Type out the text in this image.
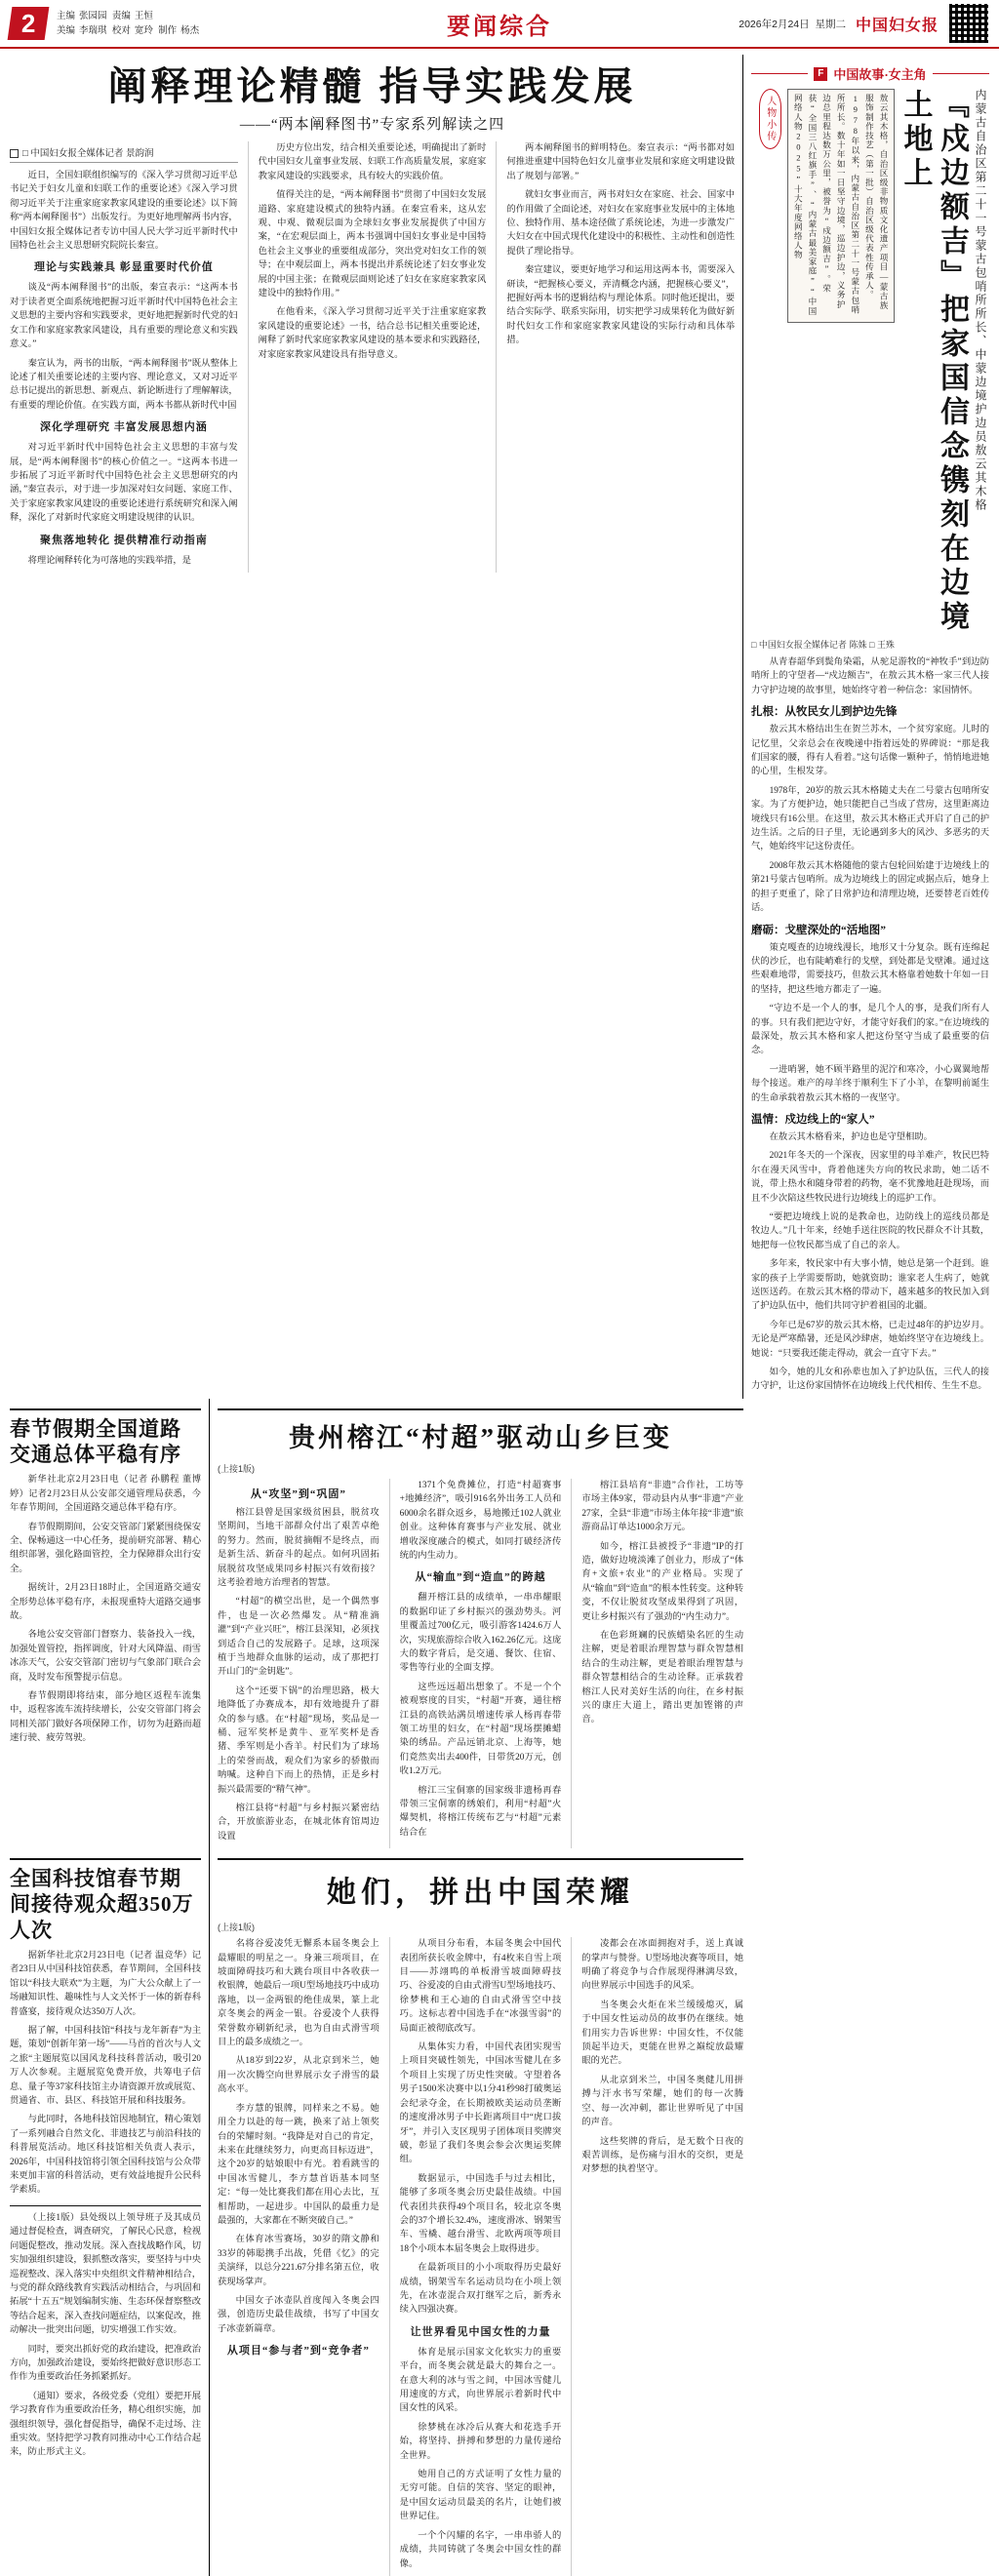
2 主编 张园园 责编 王恒
美编 李瑞琪 校对 宽玲 制作 杨杰	要闻综合	2026年2月24日 星期二 中国妇女报
阐释理论精髓 指导实践发展
——“两本阐释图书”专家系列解读之四
□ 中国妇女报全媒体记者 景韵润

近日，全国妇联组织编写的《深入学习贯彻习近平总书记关于妇女儿童和妇联工作的重要论述》《深入学习贯彻习近平关于注重家庭家教家风建设的重要论述》以下简称“两本阐释图书”）出版发行。为更好地理解两书内容，中国妇女报全媒体记者专访中国人民大学习近平新时代中国特色社会主义思想研究院院长秦宣。

理论与实践兼具 彰显重要时代价值

谈及“两本阐释图书”的出版，秦宣表示：“这两本书对于读者更全面系统地把握习近平新时代中国特色社会主义思想的主要内容和实践要求，更好地把握新时代党的妇女工作和家庭家教家风建设，具有重要的理论意义和实践意义。”

秦宣认为，两书的出版，“两本阐释图书”既从整体上论述了相关重要论述的主要内容、理论意义，又对习近平总书记提出的新思想、新观点、新论断进行了理解解读，有重要的理论价值。在实践方面，两本书都从新时代中国

深化学理研究 丰富发展思想内涵

对习近平新时代中国特色社会主义思想的丰富与发展，是“两本阐释图书”的核心价值之一。“这两本书进一步拓展了习近平新时代中国特色社会主义思想研究的内涵，”秦宣表示，对于进一步加深对妇女问题、家庭工作、关于家庭家教家风建设的重要论述进行系统研究和深入阐释，深化了对新时代家庭文明建设规律的认识。

聚焦落地转化 提供精准行动指南

将理论阐释转化为可落地的实践举措，是

历史方位出发，结合相关重要论述，明确提出了新时代中国妇女儿童事业发展、妇联工作高质量发展，家庭家教家风建设的实践要求，具有较大的实践价值。

值得关注的是，“两本阐释图书”贯彻了中国妇女发展道路、家庭建设模式的独特内涵。在秦宣看来，这从宏观、中观、微观层面为全球妇女事业发展提供了中国方案，“在宏观层面上，两本书强调中国妇女事业是中国特色社会主义事业的重要组成部分，突出党对妇女工作的领导；在中观层面上，两本书提出并系统论述了妇女事业发展的中国主张；在微观层面则论述了妇女在家庭家教家风建设中的独特作用。”

在他看来，《深入学习贯彻习近平关于注重家庭家教家风建设的重要论述》一书，结合总书记相关重要论述，阐释了新时代家庭家教家风建设的基本要求和实践路径，对家庭家教家风建设具有指导意义。

两本阐释图书的鲜明特色。秦宣表示：“两书都对如何推进重建中国特色妇女儿童事业发展和家庭文明建设做出了规划与部署。”

就妇女事业而言，两书对妇女在家庭、社会、国家中的作用做了全面论述，对妇女在家庭事业发展中的主体地位、独特作用、基本途径做了系统论述，为进一步激发广大妇女在中国式现代化建设中的积极性、主动性和创造性提供了理论指导。

秦宣建议，要更好地学习和运用这两本书，需要深入研读，“把握核心要义，弄清概念内涵，把握核心要义”，把握好两本书的逻辑结构与理论体系。同时他还提出，要结合实际学、联系实际用，切实把学习成果转化为做好新时代妇女工作和家庭家教家风建设的实际行动和具体举措。

F 中国故事·女主角
内蒙古自治区第二十一号蒙古包哨所所长、中蒙边境护边员敖云其木格
『戍边额吉』把家国信念镌刻在边境土地上
敖云其木格，自治区级非物质文化遗产项目—蒙古族服饰制作技艺（第一批）自治区级代表性传承人。1978年以来，内蒙古自治区第二十一号蒙古包哨所所长。数十年如一日坚守边境，巡边护边，义务护边总里程达数万公里，被誉为“戍边额吉”。荣获“全国三八红旗手”、“内蒙古最美家庭”“中国网络人物2025”十大年度网络人物
人物小传
□ 中国妇女报全媒体记者 陈姝 □ 王殊

从青春韶华到鬓角染霜，从驼足游牧的“神牧手”到边防哨所上的守望者—“戍边额吉”，在敖云其木格一家三代人接力守护边境的故事里，她始终守着一种信念：家国情怀。

扎根：从牧民女儿到护边先锋

敖云其木格结出生在贺兰苏木，一个贫穷家庭。儿时的记忆里，父亲总会在夜晚递中指着远处的界碑说：“那是我们国家的腰，得有人看着。”这句话像一颗种子，悄悄地进她的心里，生根发芽。

1978年，20岁的敖云其木格随丈夫在二号蒙古包哨所安家。为了方便护边，她只能把自己当成了营房，这里距离边境线只有16公里。在这里，敖云其木格正式开启了自己的护边生活。之后的日子里，无论遇到多大的风沙、多恶劣的天气，她始终牢记这份责任。

2008年敖云其木格随他的蒙古包轮回始建于边境线上的第21号蒙古包哨所。成为边境线上的固定或据点后，她身上的担子更重了，除了日常护边和清理边境，还要替老百姓传话。

磨砺：戈壁深处的“活地图”

策克嘎查的边境线漫长，地形又十分复杂。既有连绵起伏的沙丘，也有陡峭难行的戈壁，到处都是戈壁滩。通过这些艰难地带，需要技巧，但敖云其木格靠着她数十年如一日的坚持，把这些地方都走了一遍。

“守边不是一个人的事，是几个人的事，是我们所有人的事。只有我们把边守好，才能守好我们的家。”在边境线的最深处，敖云其木格和家人把这份坚守当成了最重要的信念。

一进哨署，她不顾半路里的泥泞和寒冷，小心翼翼地帮每个接送。难产的母羊终于顺利生下了小羊，在黎明前诞生的生命承载着敖云其木格的一夜坚守。

温情：戍边线上的“家人”

在敖云其木格看来，护边也是守望相助。

2021年冬天的一个深夜，因家里的母羊难产，牧民巴特尔在漫天风雪中，背着他迷失方向的牧民求助，她二话不说，带上热水和随身带着的药物，毫不犹豫地赶赴现场，而且不少次陪这些牧民进行边境线上的巡护工作。

“要把边境线上说的是教命也，边防线上的巡线员都是牧边人。”几十年来，经她手送往医院的牧民群众不计其数，她把每一位牧民都当成了自己的亲人。

多年来，牧民家中有大事小情，她总是第一个赶到。谁家的孩子上学需要帮助，她就资助；谁家老人生病了，她就送医送药。在敖云其木格的带动下，越来越多的牧民加入到了护边队伍中，他们共同守护着祖国的北疆。

今年已是67岁的敖云其木格，已走过48年的护边岁月。无论是严寒酷暑，还是风沙肆虐，她始终坚守在边境线上。她说：“只要我还能走得动，就会一直守下去。”

如今，她的儿女和孙辈也加入了护边队伍，三代人的接力守护，让这份家国情怀在边境线上代代相传、生生不息。

春节假期全国道路交通总体平稳有序

新华社北京2月23日电（记者 孙鹏程 董博婷）记者2月23日从公安部交通管理局获悉，今年春节期间，全国道路交通总体平稳有序。

春节假期期间，公安交管部门紧紧围绕保安全、保畅通这一中心任务，提前研究部署、精心组织部署，强化路面管控，全力保障群众出行安全。

据统计，2月23日18时止，全国道路交通安全形势总体平稳有序，未报现重特大道路交通事故。

各地公安交管部门督察力、装备投入一线，加强处置管控，指挥调度，针对大风降温、雨雪冰冻天气，公安交管部门密切与气象部门联合会商，及时发布预警提示信息。

春节假期即将结束，部分地区返程车流集中，返程客流车流持续增长，公安交管部门将会同相关部门做好各项保障工作，切勿为赶路而超速行驶、疲劳驾驶。

贵州榕江“村超”驱动山乡巨变
(上接1版)
从“攻坚”到“巩固”

榕江县曾是国家级贫困县，脱贫攻坚期间，当地干部群众付出了艰苦卓绝的努力。然而，脱贫摘帽不是终点，而是新生活、新奋斗的起点。如何巩固拓展脱贫攻坚成果同乡村振兴有效衔接？这考验着地方治理者的智慧。

“村超”的横空出世，是一个偶然事件，也是一次必然爆发。从“精准滴灌”到“产业兴旺”，榕江县深知，必须找到适合自己的发展路子。足球，这项深植于当地群众血脉的运动，成了那把打开山门的“金钥匙”。

这个“还要下锅”的治理思路，极大地降低了办赛成本，却有效地提升了群众的参与感。在“村超”现场，奖品是一桶、冠军奖杯是黄牛、亚军奖杯是香猪、季军则是小香羊。村民们为了球场上的荣誉而战，观众们为家乡的骄傲而呐喊。这种自下而上的热情，正是乡村振兴最需要的“精气神”。

榕江县将“村超”与乡村振兴紧密结合，开放旅游业态，在城北体育馆周边设置

1371个免费摊位，打造“村超赛事+地摊经济”，吸引916名外出务工人员和6000余名群众返乡，易地搬迁102人就业创业。这种体育赛事与产业发展、就业增收深度融合的模式，如同打破经济传统的内生动力。

从“输血”到“造血”的跨越

翻开榕江县的成绩单，一串串耀眼的数据印证了乡村振兴的强劲势头。河里覆盖过700亿元，吸引游客1424.6万人次，实现旅游综合收入162.26亿元。这庞大的数字背后，是交通、餐饮、住宿、零售等行业的全面支撑。

这些远远超出想象了。不是一个个被观察度的目实，“村超”开赛，通往榕江县的高铁站满员增速传承人杨再春带领工坊里的妇女，在“村超”现场摆摊蜡染的绣品。产品远销北京、上海等，她们竟然卖出去400件，日带货20万元，创收1.2万元。

榕江三宝侗寨的国家级非遗杨再春带领三宝侗寨的绣娘们，利用“村超”火爆契机，将榕江传统布艺与“村超”元素结合在

榕江县培育“非遗”合作社，工坊等市场主体9家，带动县内从事“非遗”产业27家，全县“非遗”市场主体年接“非遗”旅游商品订单达1000余万元。

如今，榕江县被授予“非遗”IP的打造，做好边境淡滩了创业力，形成了“体育+文旅+农业”的产业格局。实现了从“输血”到“造血”的根本性转变。这种转变，不仅让脱贫攻坚成果得到了巩固，更让乡村振兴有了强劲的“内生动力”。

在色彩斑斓的民族蜡染名匠的生动注解，更是着眼治理智慧与群众智慧相结合的生动注解，更是着眼治理智慧与群众智慧相结合的生动诠释。正承载着榕江人民对美好生活的向往，在乡村振兴的康庄大道上，踏出更加铿锵的声音。

全国科技馆春节期间接待观众超350万人次

据新华社北京2月23日电（记者 温竞华）记者23日从中国科技馆获悉，春节期间，全国科技馆以“科技大联欢”为主题，为广大公众献上了一场融知识性、趣味性与人文关怀于一体的新春科普盛宴，接待观众达350万人次。

据了解，中国科技馆“科技与龙年新春”为主题，策划“创新年第一场”——马首的首次与人文之旅“主题展览以国风龙科技科普活动，吸引20万人次参观。主题展览免费开放，共筹电子信息、量子等37家科技馆主办请资源开放或展览、贯通省、市、县区、科技馆开展和科技服务。

与此同时，各地科技馆因地制宜，精心策划了一系列融合自然文化、非遗技艺与前沿科技的科普展览活动。地区科技馆相关负责人表示，2026年，中国科技馆将引领全国科技馆与公众带来更加丰富的科普活动，更有效益地提升公民科学素质。

（上接1版）县处级以上领导班子及其成员通过督促检查，调查研究，了解民心民意，检视问题促整改，推动发展。深入查找战略作风，切实加强组织建设，狠抓整改落实，要坚持与中央巡视整改、深入落实中央组织文件精神相结合，与党的群众路线教育实践活动相结合，与巩固和拓展“十五五”规划编制实施、生态环保督察整改等结合起来，深入查找问题症结，以案促改，推动解决一批突出问题，切实增强工作实效。

同时，要突出抓好党的政治建设，把准政治方向，加强政治建设，要始终把做好意识形态工作作为重要政治任务抓紧抓好。

（通知）要求，各级党委（党组）要把开展学习教育作为重要政治任务，精心组织实施，加强组织领导，强化督促指导，确保不走过场、注重实效。坚持把学习教育同推动中心工作结合起来，防止形式主义。

她们，拼出中国荣耀
(上接1版)

名将谷爱凌凭无懈系本届冬奥会上最耀眼的明星之一。身兼三项项目，在坡面障碍技巧和大跳台项目中各收获一枚银牌，她最后一项U型场地技巧中成功落地，以一金两银的绝佳成果，篆上北京冬奥会的两金一银。谷爱凌个人获得荣誉数亦刷新纪录，也为自由式滑雪项目上的最多成绩之一。

从18岁到22岁，从北京到米兰，她用一次次腾空向世界展示女子滑雪的最高水平。

李方慧的银牌，同样来之不易。她用全力以赴的每一跳，换来了站上领奖台的荣耀时刻。“我降是对自己的肯定，未来在此继续努力，向更高目标迈进”，这个20岁的姑娘眼中有光。着看跳雪的中国冰雪健儿，李方慧首语基本同坚定：“每一处比赛我们都在用心去比，互相帮助，一起进步。中国队的最重力是最强的，大家都在不断突破自己。”

在体育冰雪赛场，30岁的隋文静和33岁的韩聪携手出战，凭借《忆》的完美演绎，以总分221.67分排名第五位，收获现场掌声。

中国女子冰壶队首度闯入冬奥会四强，创造历史最佳战绩，书写了中国女子冰壶新篇章。

从项目“参与者”到“竞争者”

从项目分布看，本届冬奥会中国代表团所获长收金牌中，有4枚来自雪上项目——苏翊鸣的单板滑雪坡面障碍技巧、谷爱凌的自由式滑雪U型场地技巧、徐梦桃和王心迪的自由式滑雪空中技巧。这标志着中国选手在“冰强雪弱”的局面正被彻底改写。

从集体实力看，中国代表团实现雪上项目突破性领先，中国冰雪健儿在多个项目上实现了历史性突破。守望着各男子1500米决赛中以1分41秒98打破奥运会纪录夺金，在长期被欧美运动员垄断的速度滑冰男子中长距离项目中“虎口拔牙”，并引入支区现男子团体项目奖牌突破，彰显了我们冬奥会参会次奥运奖牌组。

数据显示，中国选手与过去相比，能够了多项冬奥会历史最佳战绩。中国代表团共获得49个项目名，较北京冬奥会的37个增长32.4%，速度滑冰、钢架雪车、雪橇、越台滑雪、北欧两项等项目18个小项本本届冬奥会上取得进步。

在最新项目的小小项取得历史最好成绩，钢架雪车名运动员均在小项上领先，在冰壶混合双打继军之后，新秀永续入四强决赛。

让世界看见中国女性的力量

体育是展示国家文化软实力的重要平台，而冬奥会就是最大的舞台之一。在意大利的冰与雪之间，中国冰雪健儿用速度的方式，向世界展示着新时代中国女性的风采。

徐梦桃在冰冷后从赛大和花选手开始，将坚持、拼搏和梦想的力量传递给全世界。

她用自己的方式证明了女性力量的无穷可能。自信的笑容、坚定的眼神，是中国女运动员最美的名片，让她们被世界记住。

一个个闪耀的名字，一串串骄人的成绩，共同铸就了冬奥会中国女性的群像。

凌都会在冰面拥抱对手，送上真诚的掌声与赞誉。U型场地决赛等项目，她明确了将竞争与合作展现得淋漓尽致，向世界展示中国选手的风采。

当冬奥会火炬在米兰缓缓熄灭，属于中国女性运动员的故事仍在继续。她们用实力告诉世界：中国女性，不仅能顶起半边天，更能在世界之巅绽放最耀眼的光芒。

从北京到米兰，中国冬奥健儿用拼搏与汗水书写荣耀，她们的每一次腾空、每一次冲刺，都让世界听见了中国的声音。

这些奖牌的背后，是无数个日夜的艰苦训练，是伤痛与泪水的交织，更是对梦想的执着坚守。
